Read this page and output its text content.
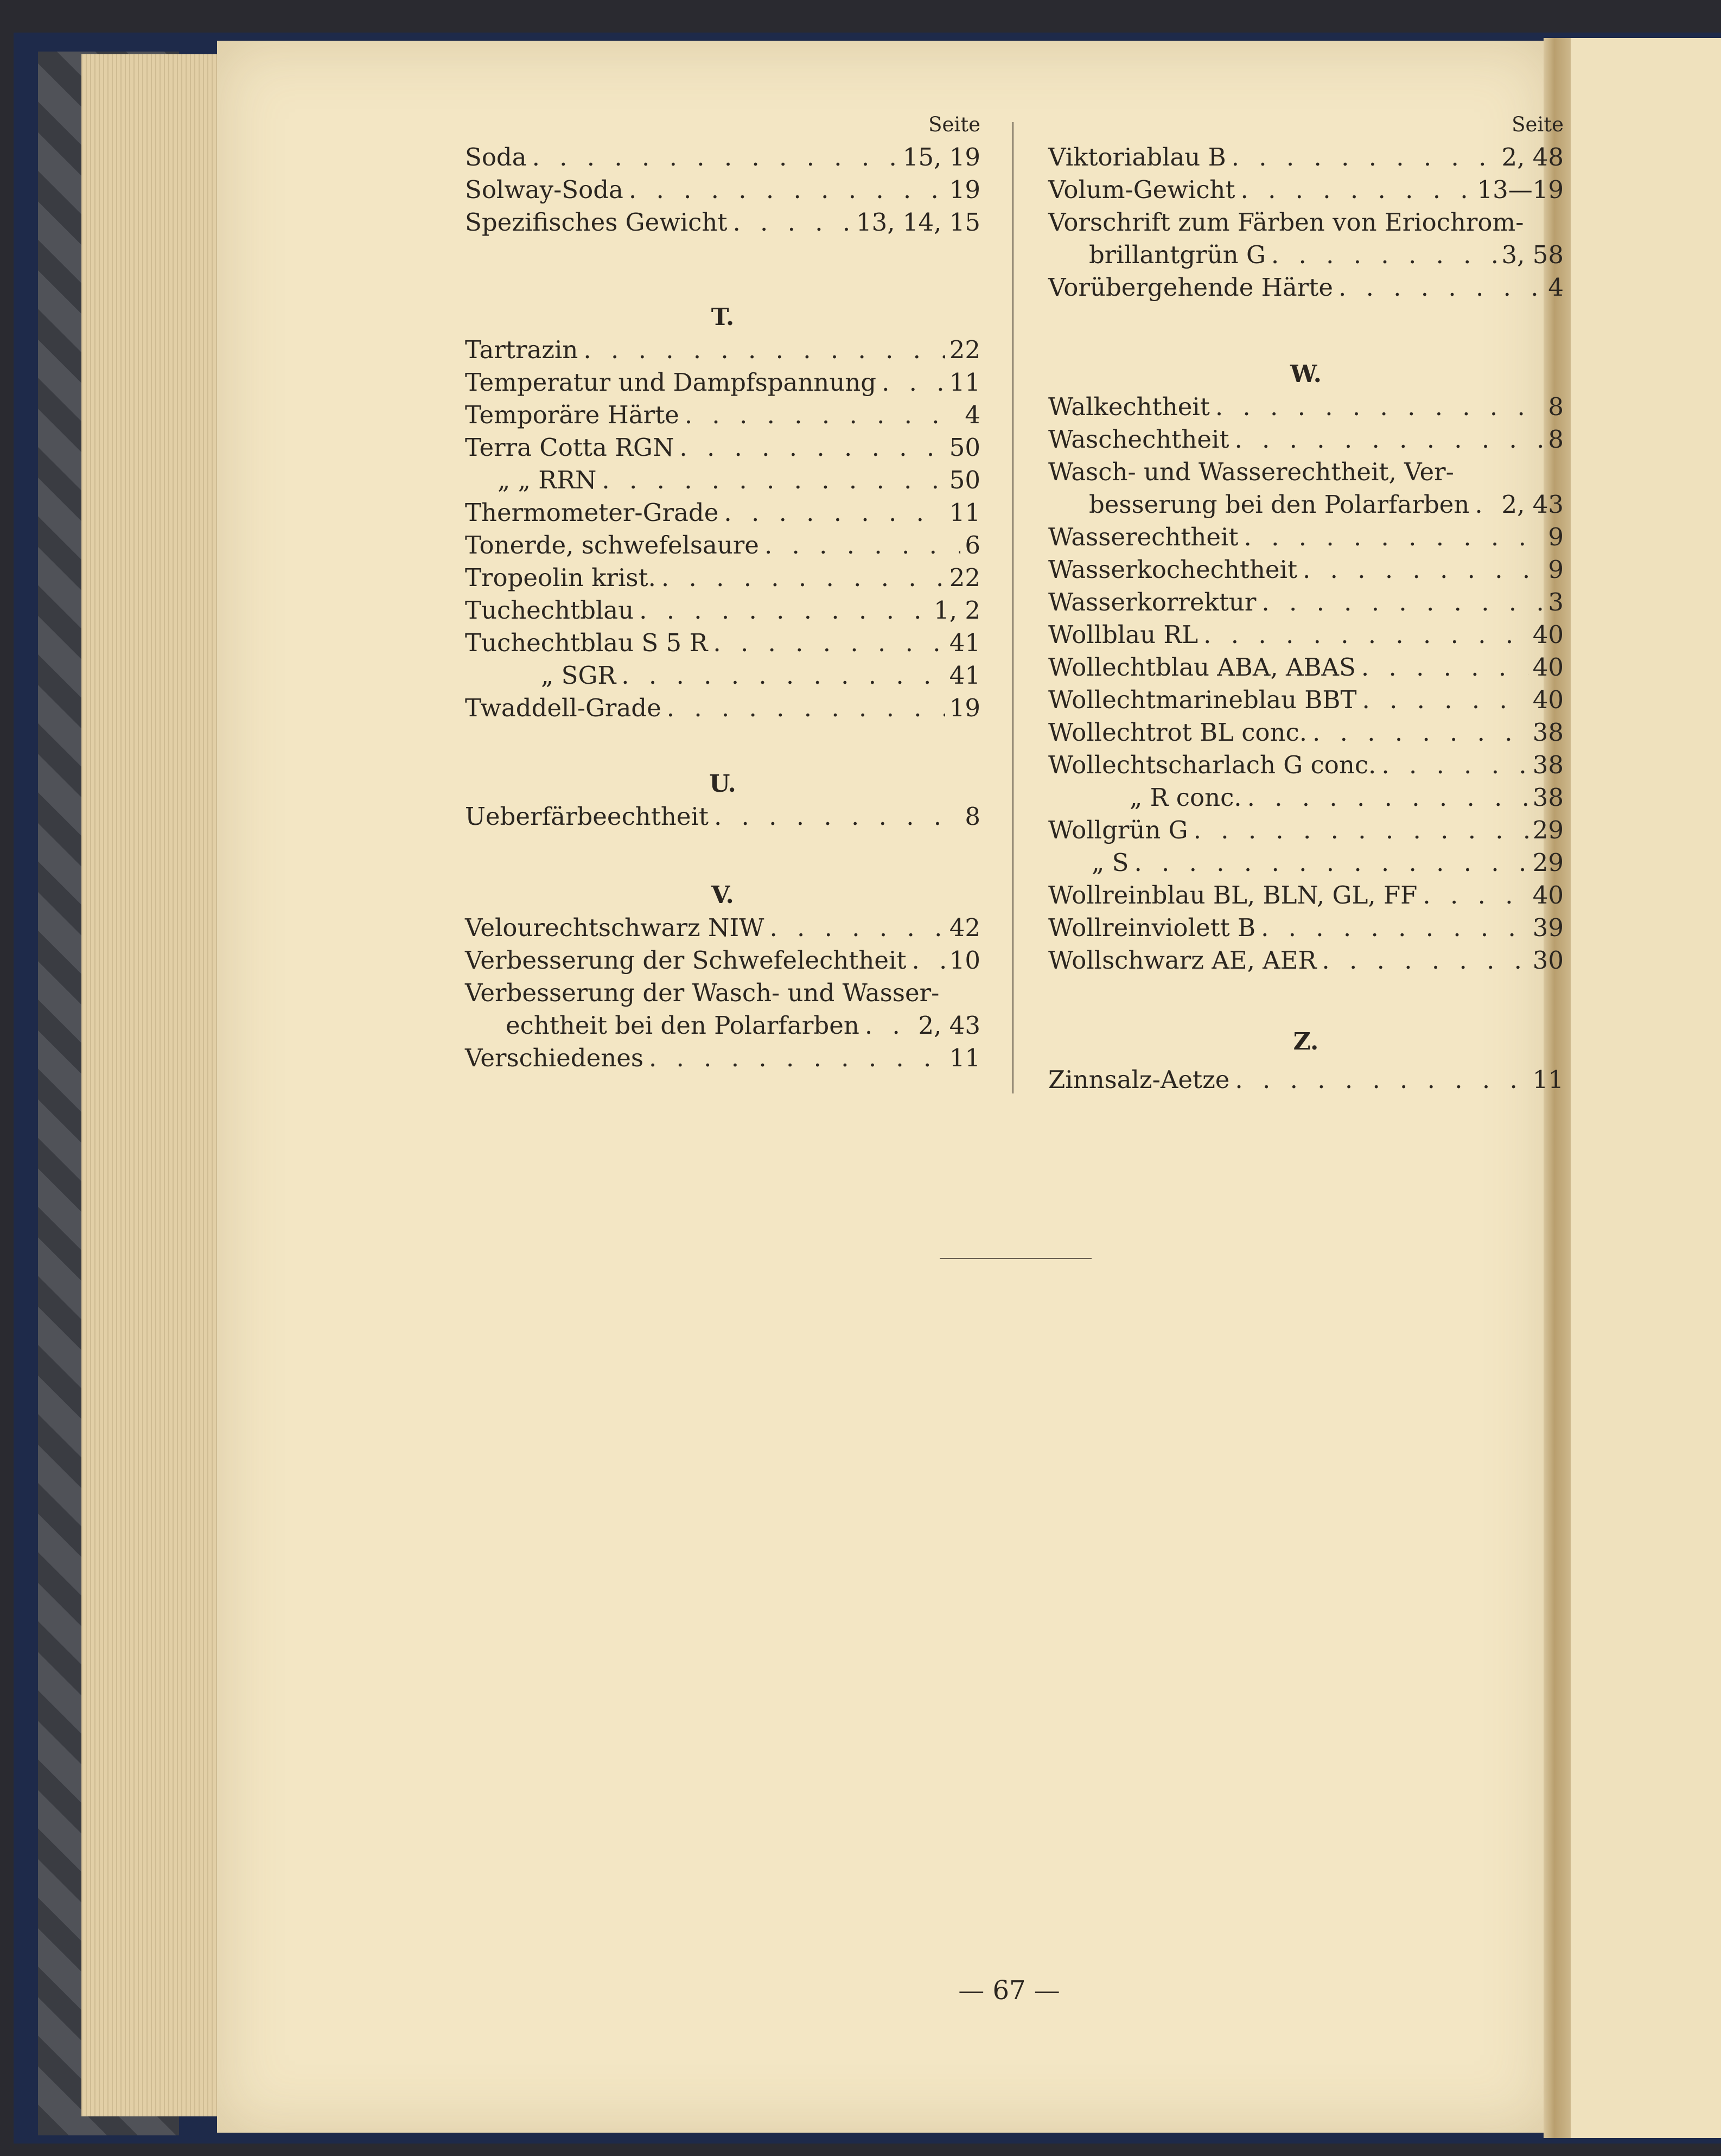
Seite
Soda . . .	15, 19
Solway-Soda . . .	19
Spezifisches Gewicht . . .	13, 14, 15
T.
Tartrazin . . .	22
Temperatur und Dampfspannung . . .	11
Temporäre Härte . . .	4
Terra Cotta RGN . . .	50
„ „ RRN . . .	50
Thermometer-Grade . . .	11
Tonerde, schwefelsaure . . .	6
Tropeolin krist. . . .	22
Tuchechtblau . . .	1, 2
Tuchechtblau S 5 R . . .	41
„ SGR . . .	41
Twaddell-Grade . . .	19
U.
Ueberfärbeechtheit . . .	8
V.
Velourechtschwarz NIW . . .	42
Verbesserung der Schwefelechtheit . . . 10
Verbesserung der Wasch- und Wasser-
echtheit bei den Polarfarben . . . 2, 43
Verschiedenes . . .	11
Seite
Viktoriablau B . . .	2, 48
Volum-Gewicht . . .	13—19
Vorschrift zum Färben von Eriochrom-
brillantgrün G . . .	3, 58
Vorübergehende Härte . . .	4
W.
Walkechtheit . . .	8
Waschechtheit . . .	8
Wasch- und Wasserechtheit, Ver-
besserung bei den Polarfarben . . . 2, 43
Wasserechtheit . . .	9
Wasserkochechtheit . . .	9
Wasserkorrektur . . .	3
Wollblau RL . . .	40
Wollechtblau ABA, ABAS . . .	40
Wollechtmarineblau BBT . . .	40
Wollechtrot BL conc. . . .	38
Wollechtscharlach G conc. . . .	38
„ R conc. . . .	38
Wollgrün G . . .	29
„ S . . .	29
Wollreinblau BL, BLN, GL, FF . . .	40
Wollreinviolett B . . .	39
Wollschwarz AE, AER . . .	30
Z.
Zinnsalz-Aetze . . .	11
— 67 —
